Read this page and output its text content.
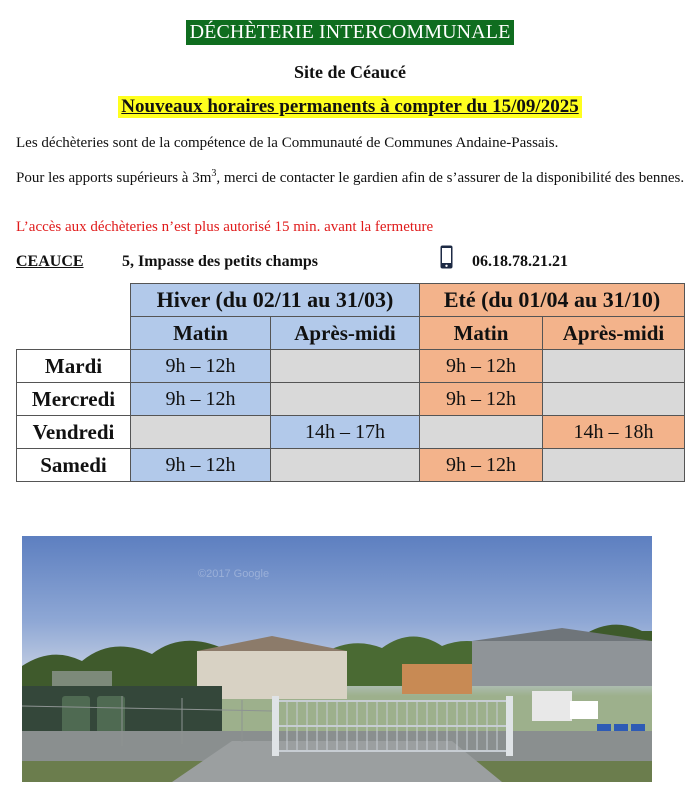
DÉCHÈTERIE INTERCOMMUNALE
Site de Céaucé
Nouveaux horaires permanents à compter du 15/09/2025
Les déchèteries sont de la compétence de la Communauté de Communes Andaine-Passais.
Pour les apports supérieurs à $3m^3$, merci de contacter le gardien afin de s’assurer de la disponibilité des bennes.
L’accès aux déchèteries n’est plus autorisé 15 min. avant la fermeture
CEAUCE 5, Impasse des petits champs	06.18.78.21.21
	Hiver (du 02/11 au 31/03)		Eté (du 01/04 au 31/10)	
	Matin	Après-midi	Matin	Après-midi
Mardi	9h – 12h		9h – 12h	
Mercredi	9h – 12h		9h – 12h	
Vendredi		14h – 17h		14h – 18h
Samedi	9h – 12h		9h – 12h	
©2017 Google
